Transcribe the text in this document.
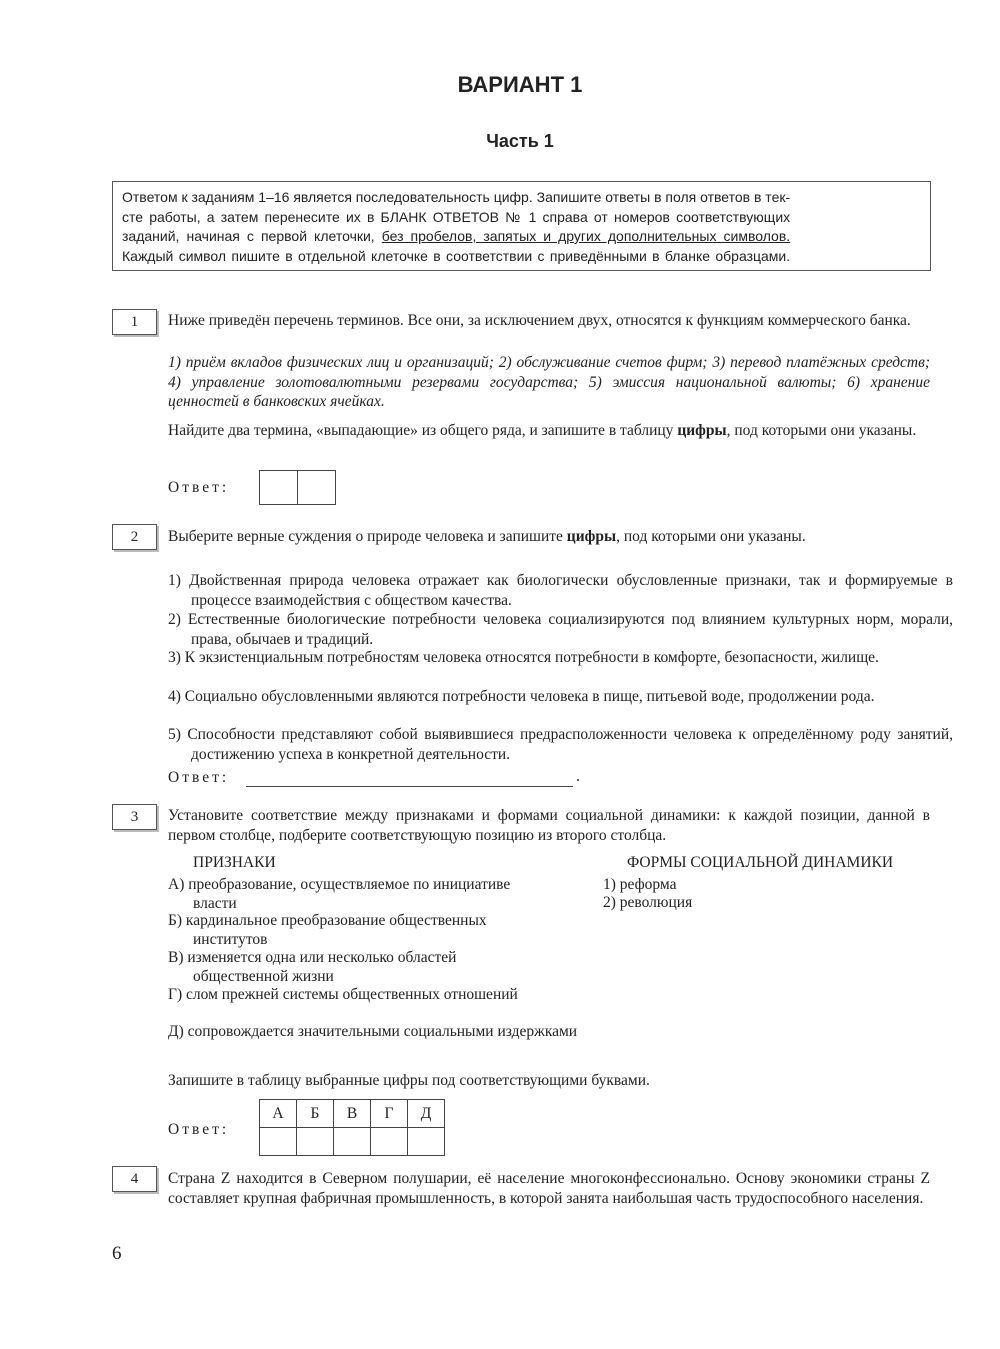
ВАРИАНТ 1
Часть 1
Ответом к заданиям 1–16 является последовательность цифр. Запишите ответы в поля ответов в тек-
сте работы, а затем перенесите их в БЛАНК ОТВЕТОВ № 1 справа от номеров соответствующих
заданий, начиная с первой клеточки, без пробелов, запятых и других дополнительных символов.
Каждый символ пишите в отдельной клеточке в соответствии с приведёнными в бланке образцами.
1	Ниже приведён перечень терминов. Все они, за исключением двух, относятся к функциям коммерческого банка.
1) приём вкладов физических лиц и организаций; 2) обслуживание счетов фирм; 3) перевод платёжных средств; 4) управление золотовалютными резервами государства; 5) эмиссия национальной валюты; 6) хранение ценностей в банковских ячейках.
Найдите два термина, «выпадающие» из общего ряда, и запишите в таблицу цифры, под которыми они указаны.
Ответ:
2	Выберите верные суждения о природе человека и запишите цифры, под которыми они указаны.
1) Двойственная природа человека отражает как биологически обусловленные признаки, так и формируемые в процессе взаимодействия с обществом качества.
2) Естественные биологические потребности человека социализируются под влиянием культурных норм, морали, права, обычаев и традиций.
3) К экзистенциальным потребностям человека относятся потребности в комфорте, безопасности, жилище.
4) Социально обусловленными являются потребности человека в пище, питьевой воде, продолжении рода.
5) Способности представляют собой выявившиеся предрасположенности человека к определённому роду занятий, достижению успеха в конкретной деятельности.
Ответ:	.
3	Установите соответствие между признаками и формами социальной динамики: к каждой позиции, данной в первом столбце, подберите соответствующую позицию из второго столбца.
ПРИЗНАКИ	ФОРМЫ СОЦИАЛЬНОЙ ДИНАМИКИ
А) преобразование, осуществляемое по инициативе власти
Б) кардинальное преобразование общественных институтов
В) изменяется одна или несколько областей общественной жизни
Г) слом прежней системы общественных отношений
Д) сопровождается значительными социальными издержками
1) реформа
2) революция
Запишите в таблицу выбранные цифры под соответствующими буквами.
Ответ:
А	Б	В	Г	Д

4	Страна Z находится в Северном полушарии, её население многоконфессионально. Основу экономики страны Z составляет крупная фабричная промышленность, в которой занята наибольшая часть трудоспособного населения.
6
